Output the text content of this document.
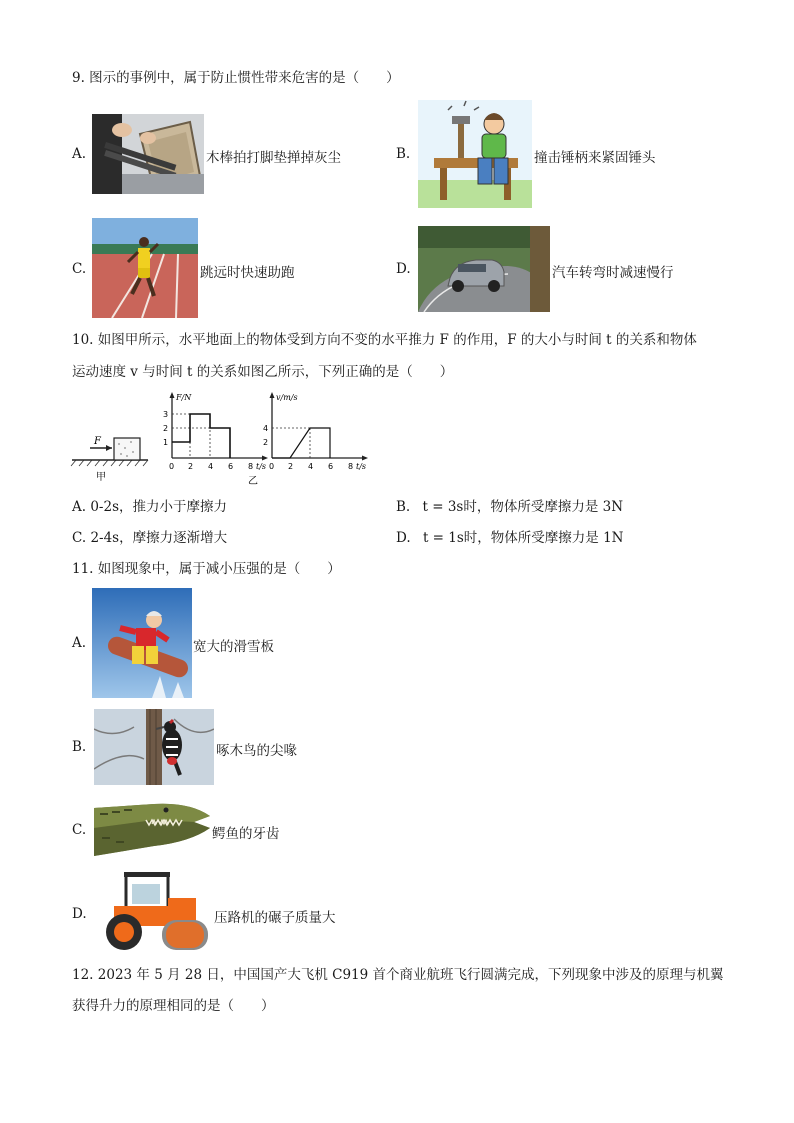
9. 图示的事例中，属于防止惯性带来危害的是（　　）
A.	木棒拍打脚垫掸掉灰尘	B.	撞击锤柄来紧固锤头
C.	跳远时快速助跑	D.	汽车转弯时减速慢行
10. 如图甲所示，水平地面上的物体受到方向不变的水平推力 F 的作用，F 的大小与时间 t 的关系和物体
运动速度 v 与时间 t 的关系如图乙所示，下列正确的是（　　）
F
甲
F/N
t/s
1
2
3
0 2 4 6 8
v/m/s
t/s
2
4
0 2 4 6 8
乙
A. 0-2s，推力小于摩擦力	B. t = 3s时，物体所受摩擦力是 3N
C. 2-4s，摩擦力逐渐增大	D. t = 1s时，物体所受摩擦力是 1N
11. 如图现象中，属于减小压强的是（　　）
A.	宽大的滑雪板
B.	啄木鸟的尖喙
C.	鳄鱼的牙齿
D.	压路机的碾子质量大
12. 2023 年 5 月 28 日，中国国产大飞机 C919 首个商业航班飞行圆满完成，下列现象中涉及的原理与机翼
获得升力的原理相同的是（　　）
